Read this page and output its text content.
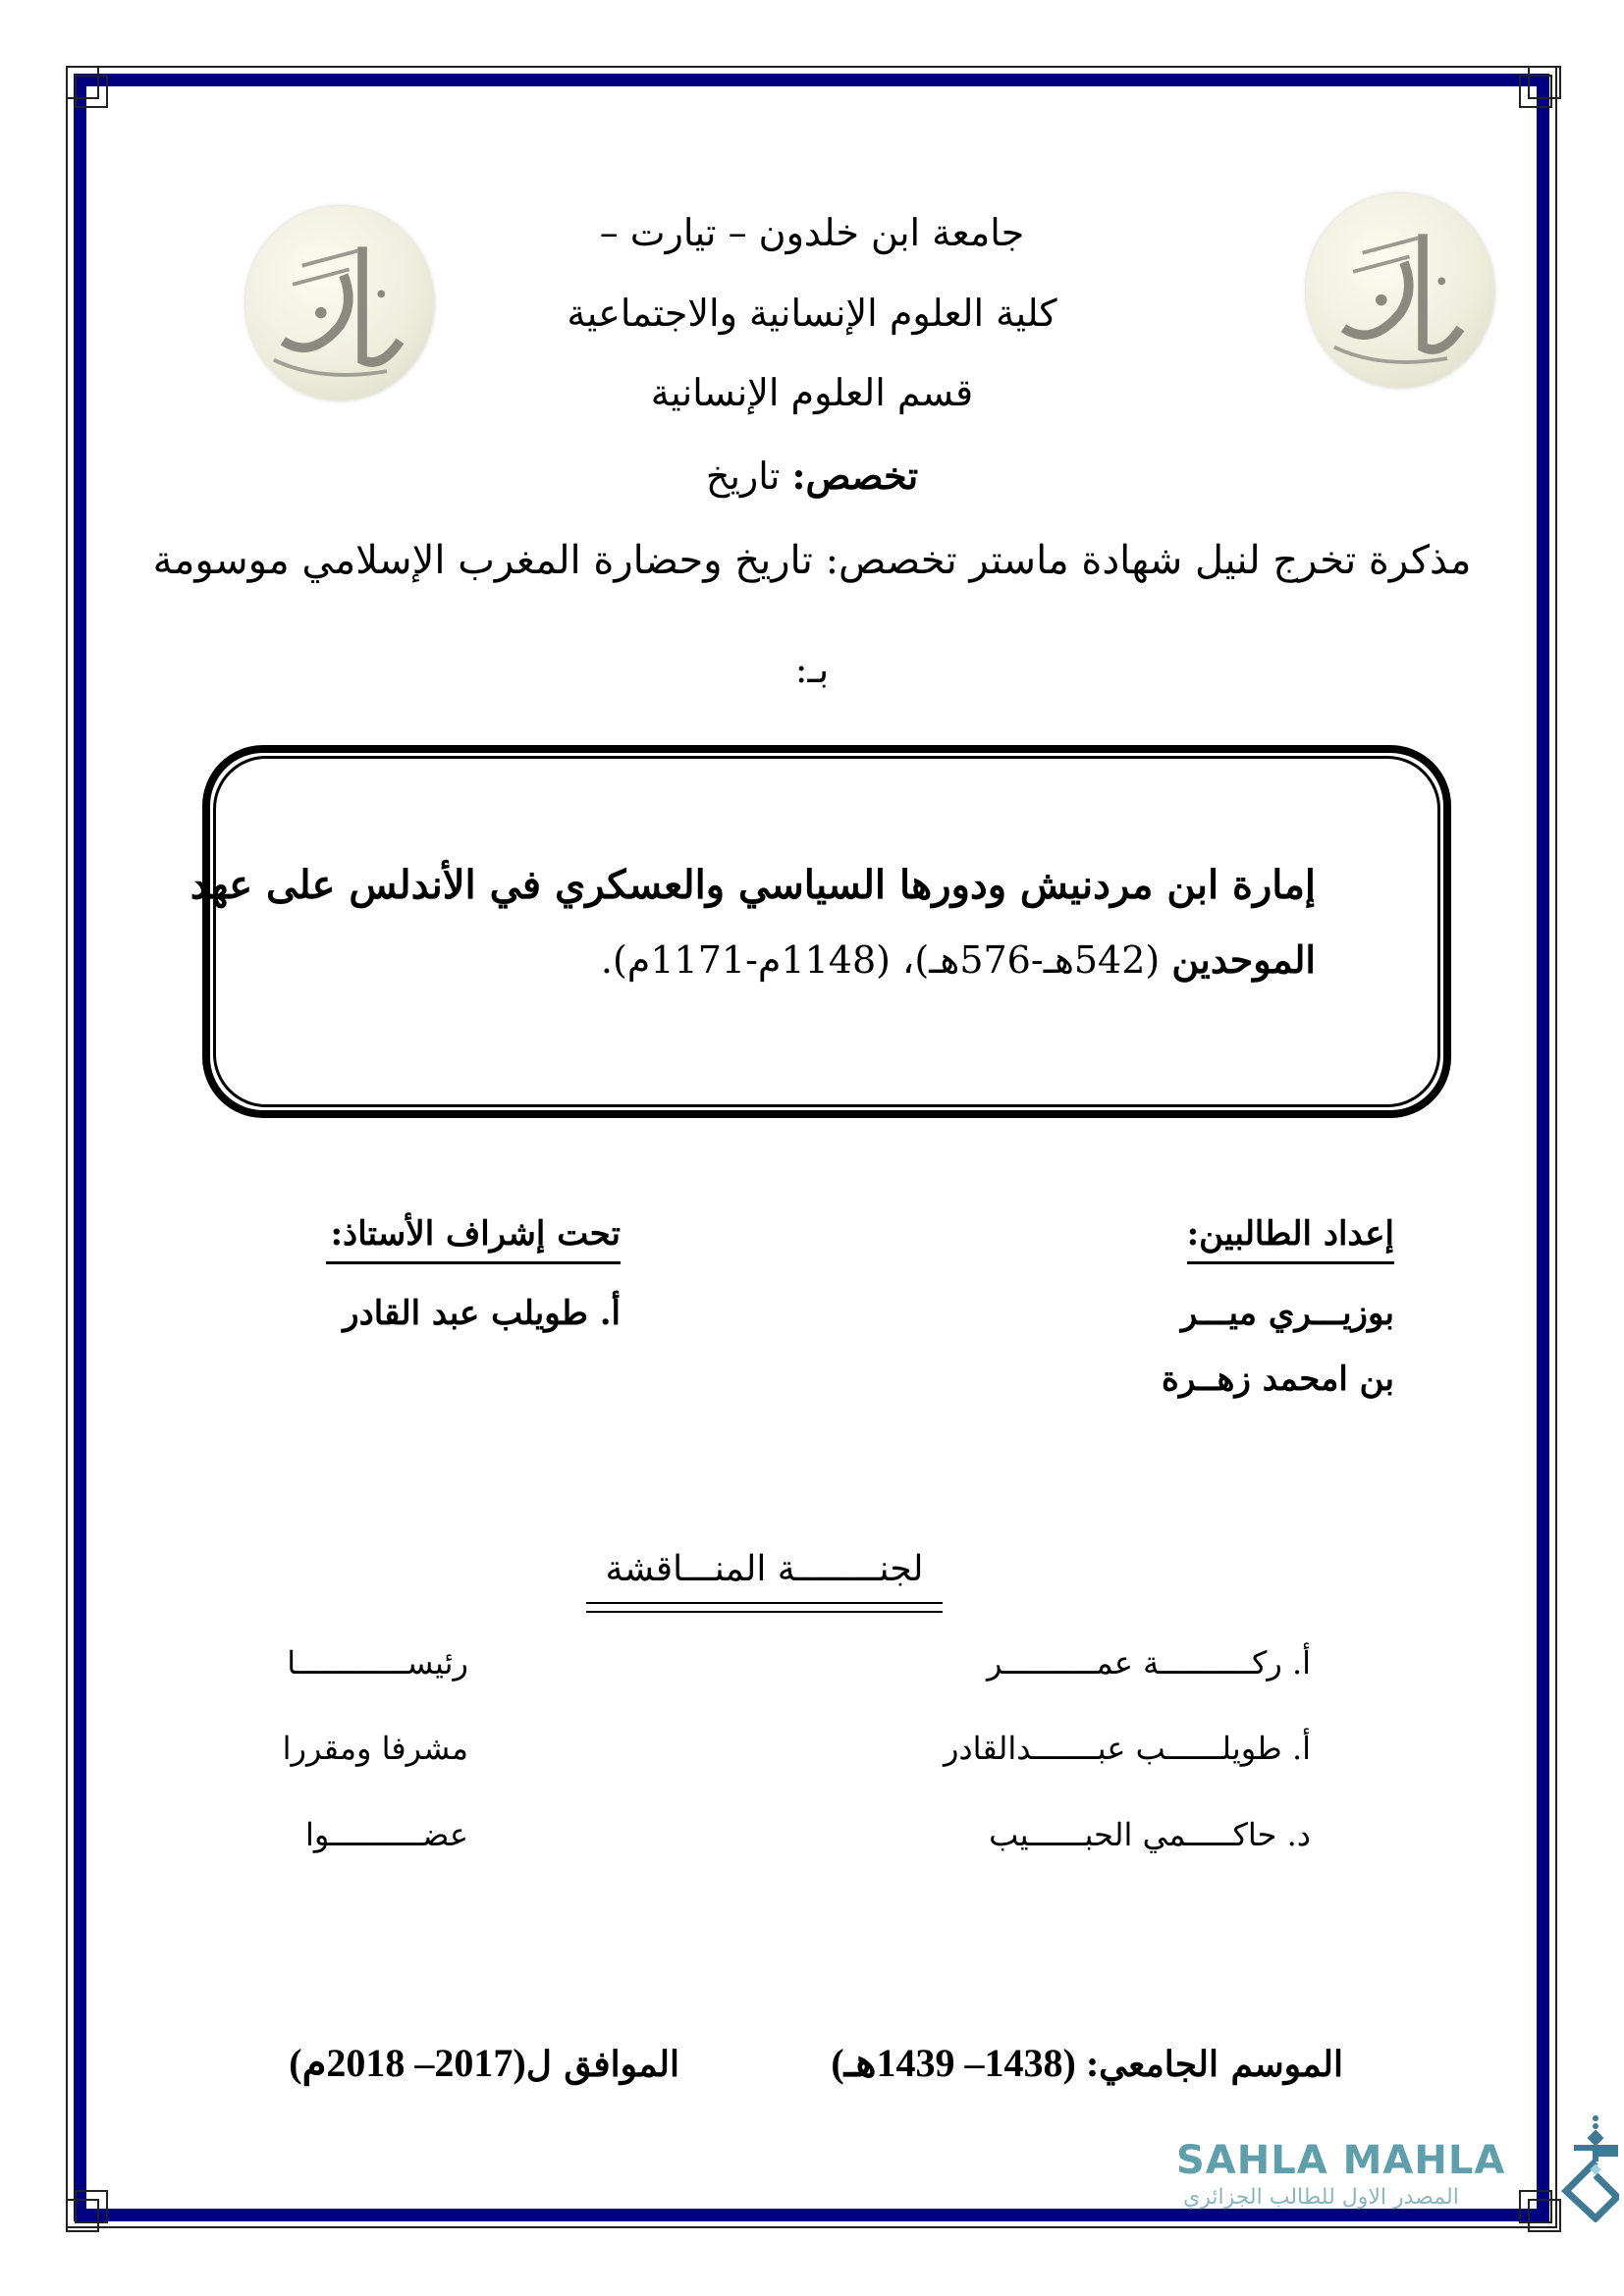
جامعة ابن خلدون – تيارت –
كلية العلوم الإنسانية والاجتماعية
قسم العلوم الإنسانية
تخصص: تاريخ
مذكرة تخرج لنيل شهادة ماستر تخصص: تاريخ وحضارة المغرب الإسلامي موسومة
بـ:
إمارة ابن مردنيش ودورها السياسي والعسكري في الأندلس على عهد
الموحدين (542هـ-576هـ)، (1148م-1171م).
إعداد الطالبين:
بوزيـــري ميـــر
بن امحمد زهــرة
تحت إشراف الأستاذ:
أ. طويلب عبد القادر
لجنــــــــة المنـــاقشة
أ. ركــــــــــة عمــــــــــر
رئيســــــــــــا
أ. طويلــــــب عبـــــــدالقادر
مشرفا ومقررا
د. حاكـــــمي الحبــــــيب
عضــــــــــوا
الموسم الجامعي: (1438– 1439هـ)
الموافق ل(2017– 2018م)
SAHLA MAHLA
المصدر الاول للطالب الجزائري
